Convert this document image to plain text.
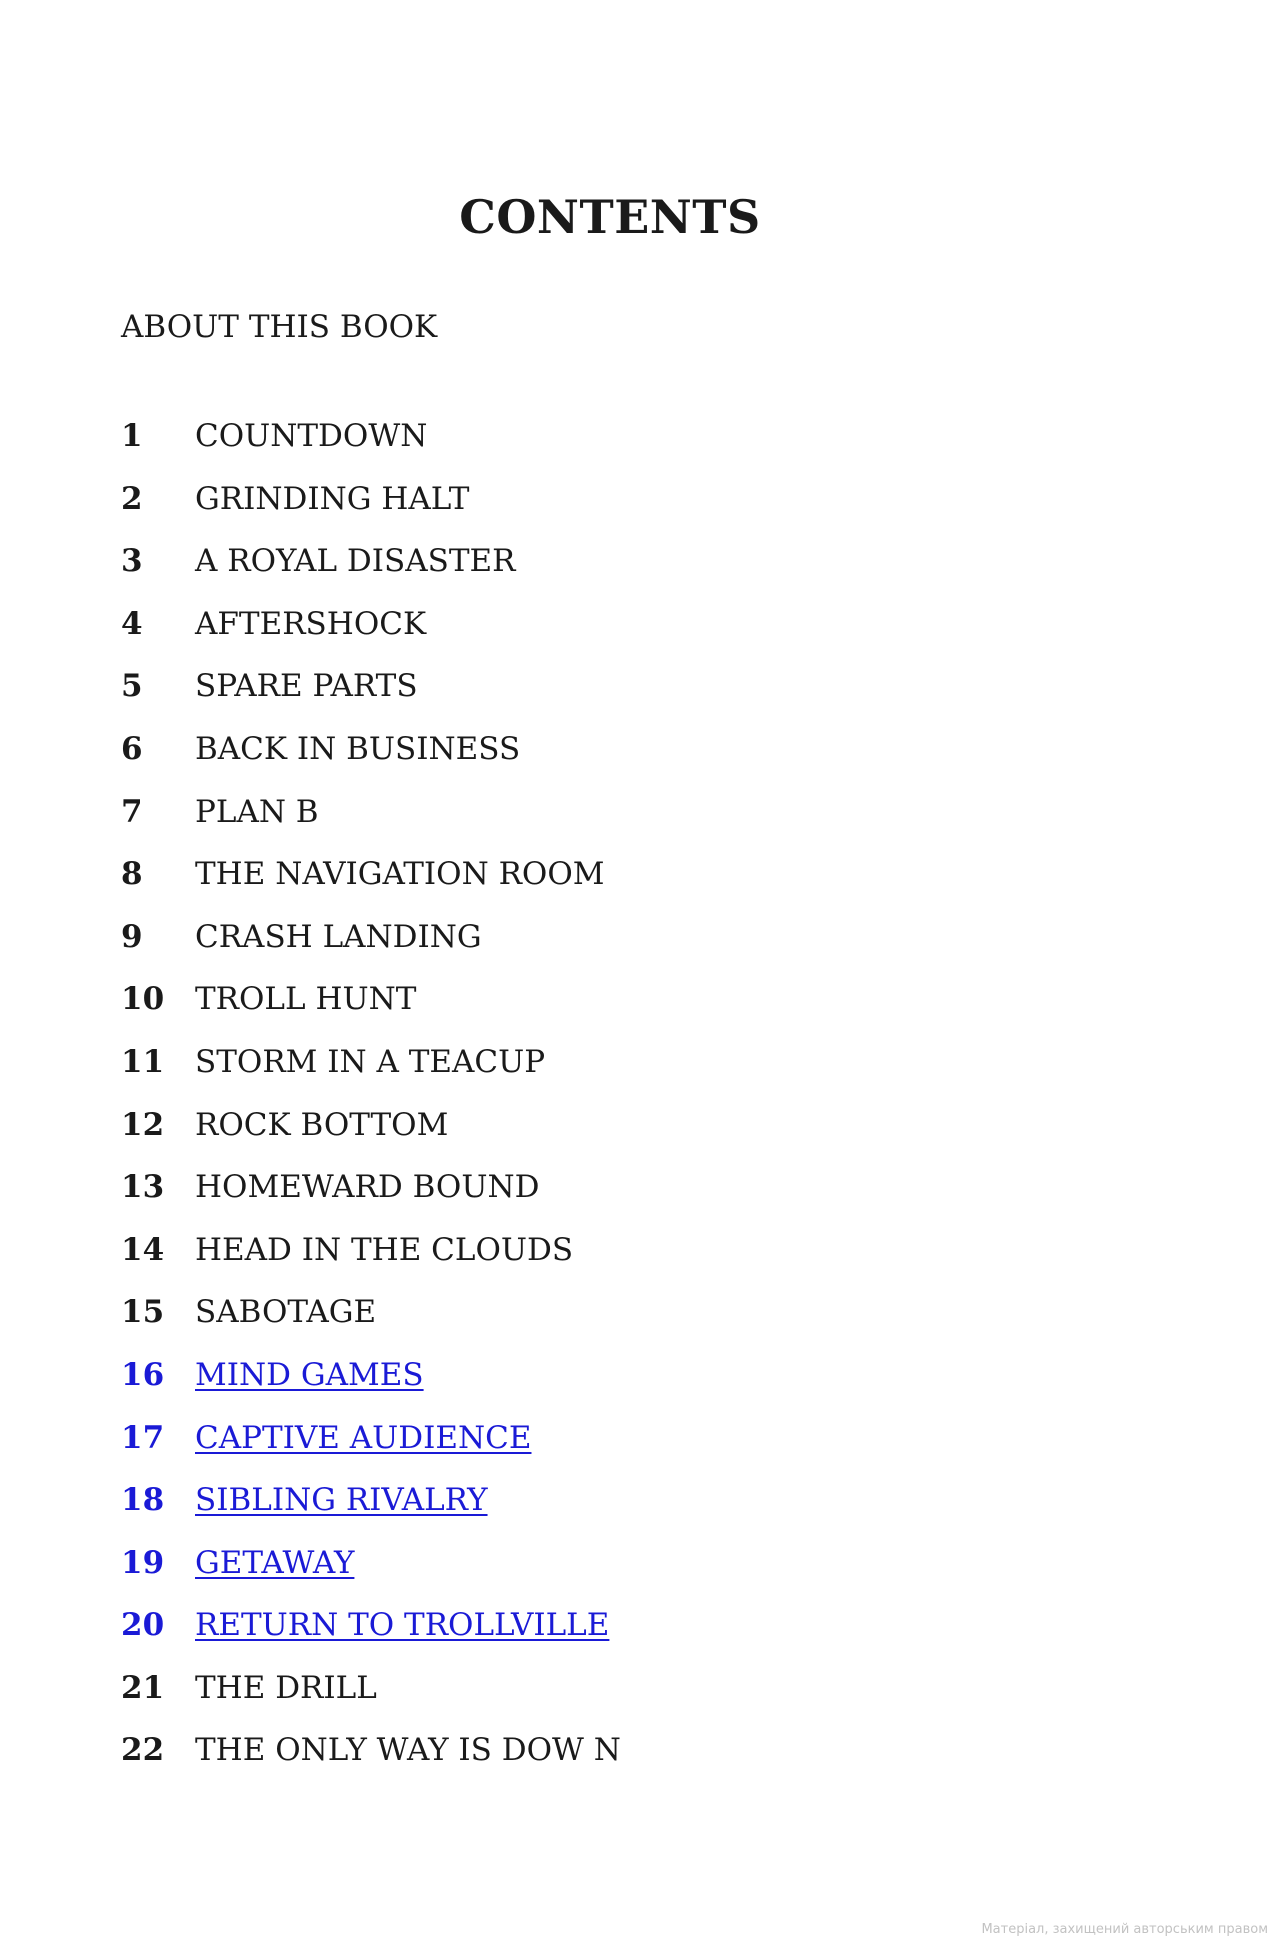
CONTENTS

ABOUT THIS BOOK

1 COUNTDOWN
2 GRINDING HALT
3 A ROYAL DISASTER
4 AFTERSHOCK
5 SPARE PARTS
6 BACK IN BUSINESS
7 PLAN B
8 THE NAVIGATION ROOM
9 CRASH LANDING
10 TROLL HUNT
11 STORM IN A TEACUP
12 ROCK BOTTOM
13 HOMEWARD BOUND
14 HEAD IN THE CLOUDS
15 SABOTAGE
16 MIND GAMES
17 CAPTIVE AUDIENCE
18 SIBLING RIVALRY
19 GETAWAY
20 RETURN TO TROLLVILLE
21 THE DRILL
22 THE ONLY WAY IS DOW N
Матеріал, захищений авторським правом
